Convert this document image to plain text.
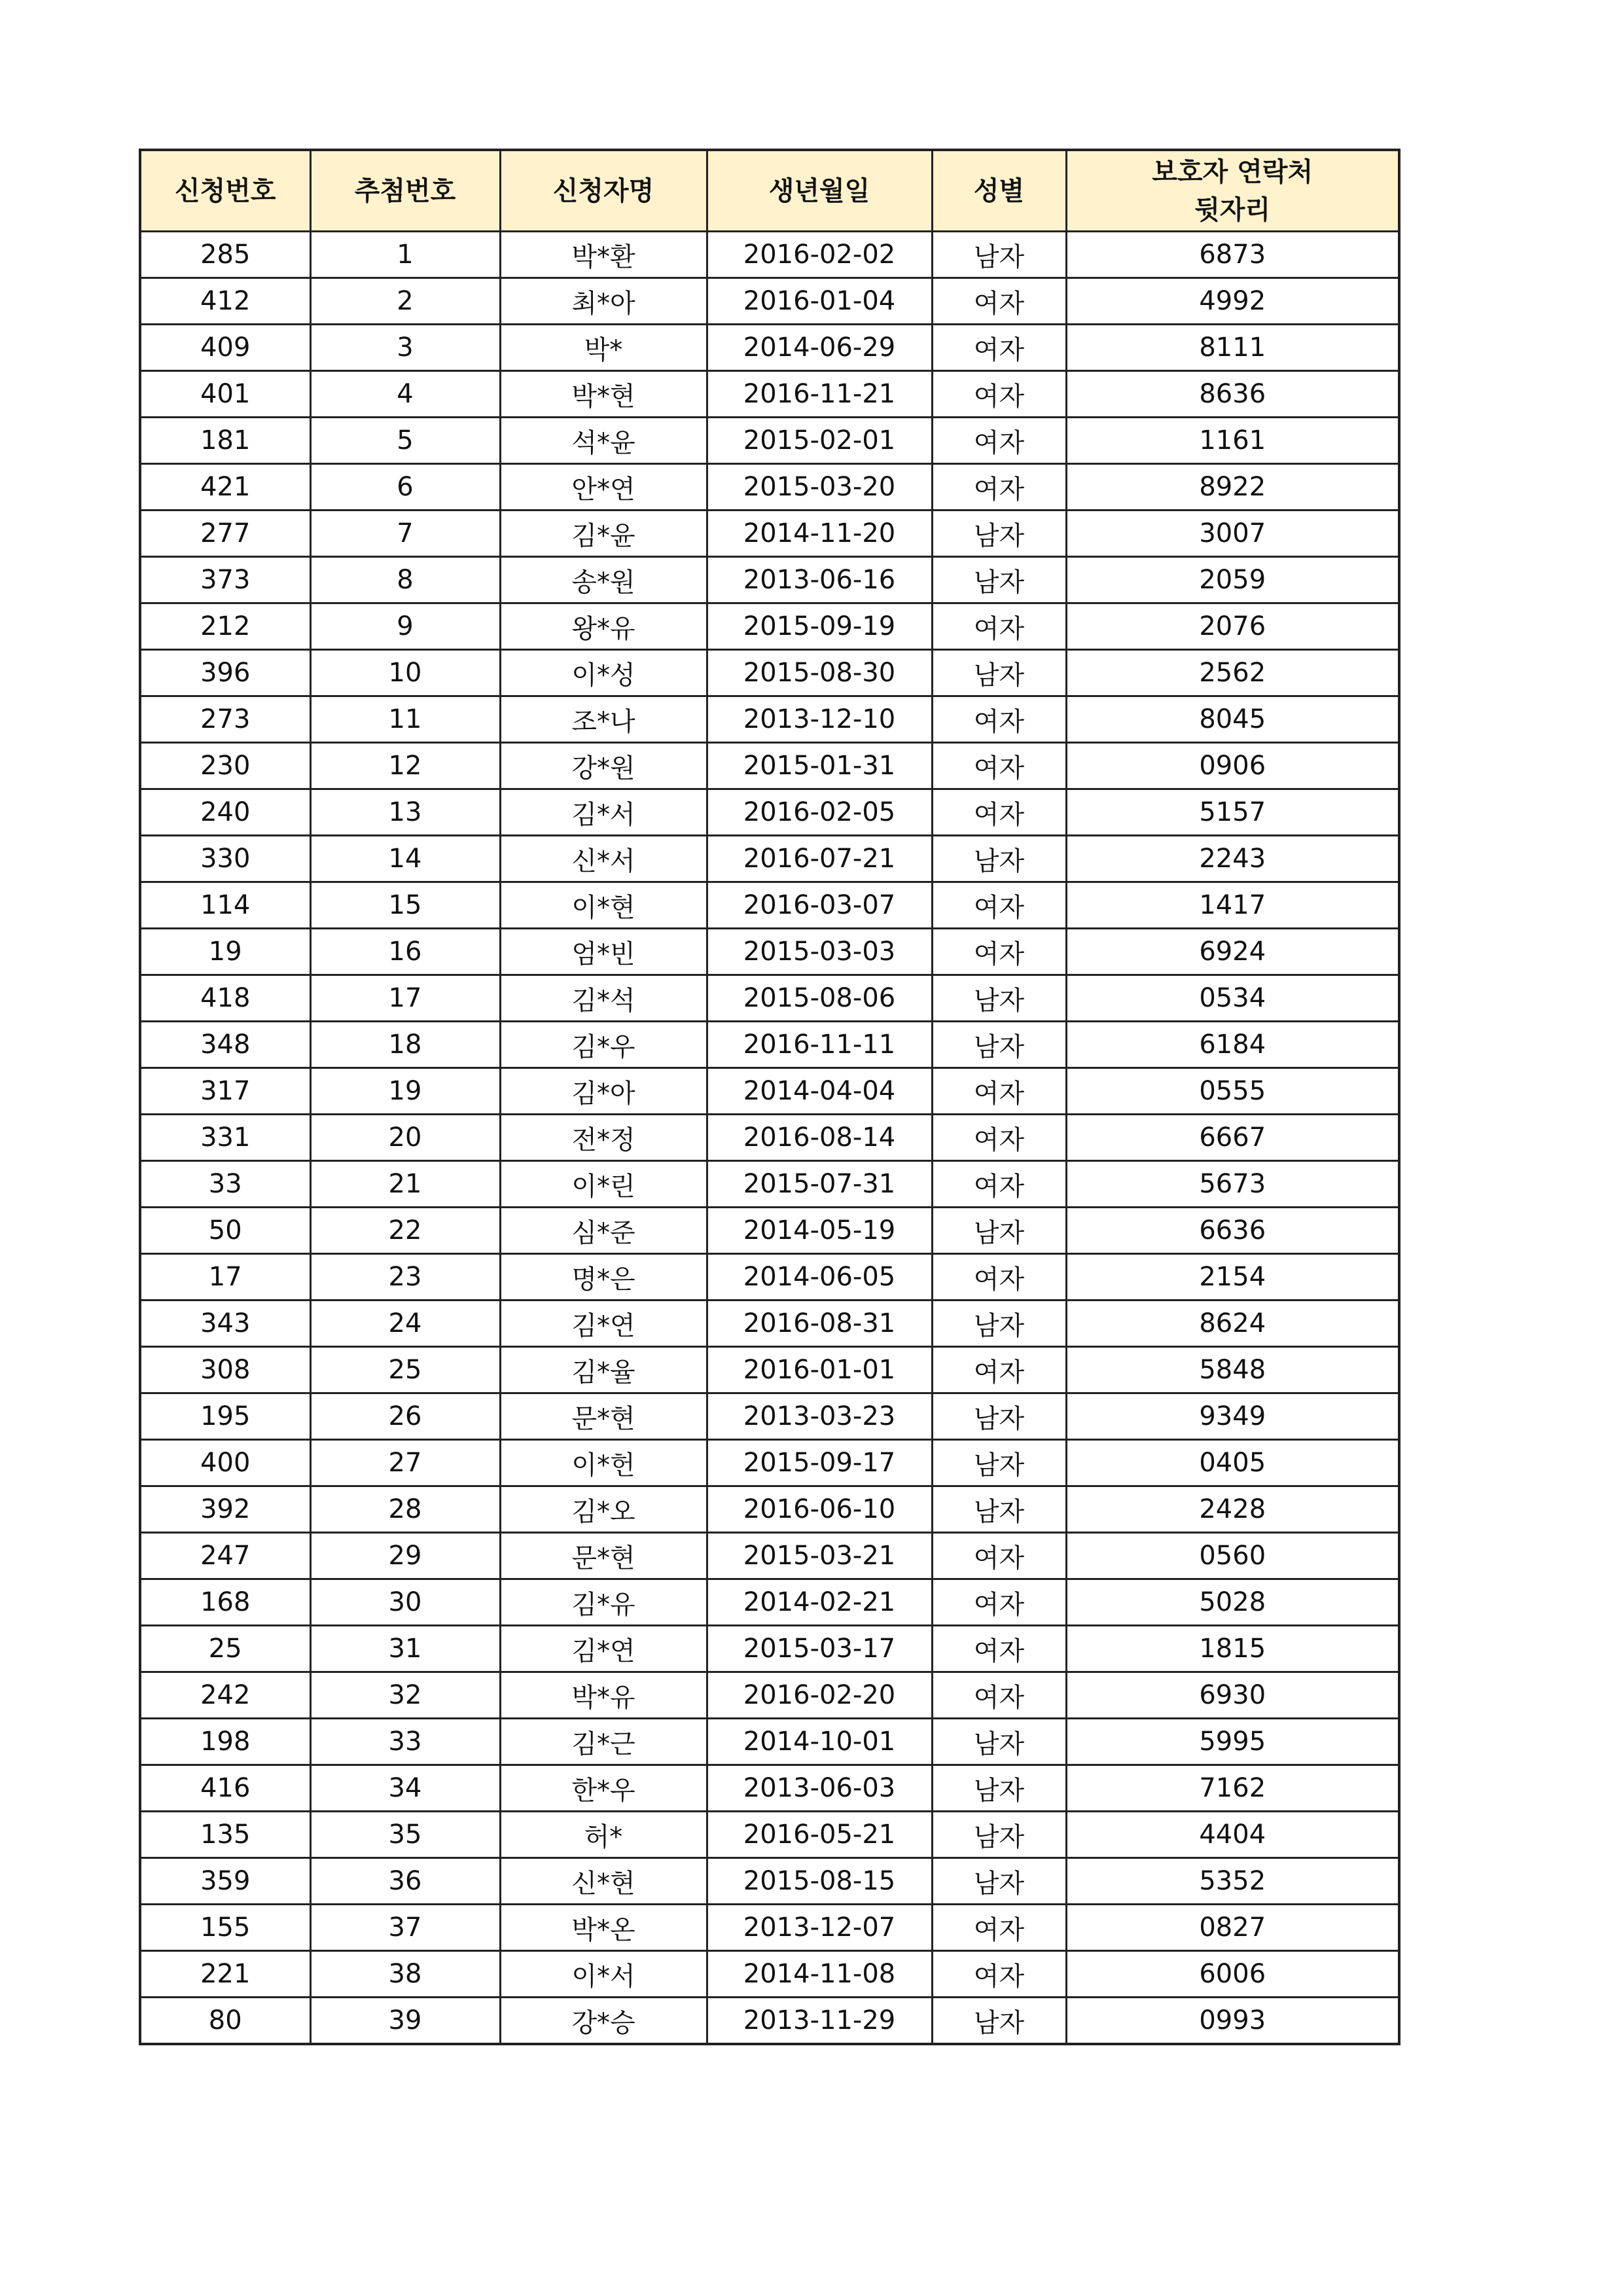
신청번호	추첨번호	신청자명	생년월일	성별	보호자 연락처
뒷자리

285	1	박*환	2016-02-02	남자	6873
412	2	최*아	2016-01-04	여자	4992
409	3	박*	2014-06-29	여자	8111
401	4	박*현	2016-11-21	여자	8636
181	5	석*윤	2015-02-01	여자	1161
421	6	안*연	2015-03-20	여자	8922
277	7	김*윤	2014-11-20	남자	3007
373	8	송*원	2013-06-16	남자	2059
212	9	왕*유	2015-09-19	여자	2076
396	10	이*성	2015-08-30	남자	2562
273	11	조*나	2013-12-10	여자	8045
230	12	강*원	2015-01-31	여자	0906
240	13	김*서	2016-02-05	여자	5157
330	14	신*서	2016-07-21	남자	2243
114	15	이*현	2016-03-07	여자	1417
19	16	엄*빈	2015-03-03	여자	6924
418	17	김*석	2015-08-06	남자	0534
348	18	김*우	2016-11-11	남자	6184
317	19	김*아	2014-04-04	여자	0555
331	20	전*정	2016-08-14	여자	6667
33	21	이*린	2015-07-31	여자	5673
50	22	심*준	2014-05-19	남자	6636
17	23	명*은	2014-06-05	여자	2154
343	24	김*연	2016-08-31	남자	8624
308	25	김*율	2016-01-01	여자	5848
195	26	문*현	2013-03-23	남자	9349
400	27	이*헌	2015-09-17	남자	0405
392	28	김*오	2016-06-10	남자	2428
247	29	문*현	2015-03-21	여자	0560
168	30	김*유	2014-02-21	여자	5028
25	31	김*연	2015-03-17	여자	1815
242	32	박*유	2016-02-20	여자	6930
198	33	김*근	2014-10-01	남자	5995
416	34	한*우	2013-06-03	남자	7162
135	35	허*	2016-05-21	남자	4404
359	36	신*현	2015-08-15	남자	5352
155	37	박*온	2013-12-07	여자	0827
221	38	이*서	2014-11-08	여자	6006
80	39	강*승	2013-11-29	남자	0993
